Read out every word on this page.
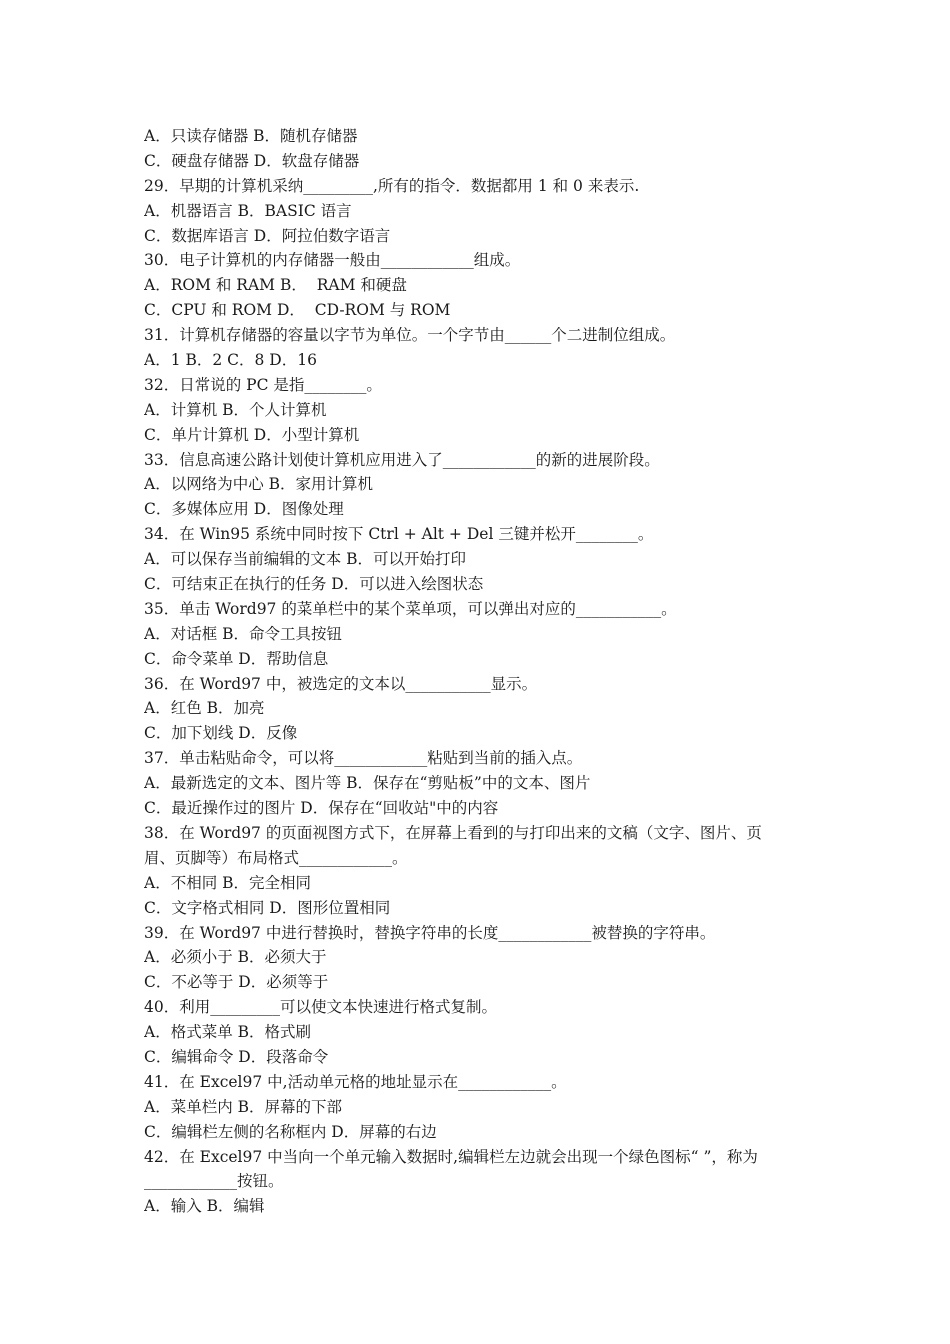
A．只读存储器 B．随机存储器
C．硬盘存储器 D．软盘存储器
29．早期的计算机采纳_________,所有的指令．数据都用 1 和 0 来表示.
A．机器语言 B．BASIC 语言
C．数据库语言 D．阿拉伯数字语言
30．电子计算机的内存储器一般由____________组成。
A．ROM 和 RAM B．  RAM 和硬盘
C．CPU 和 ROM D．  CD-ROM 与 ROM
31．计算机存储器的容量以字节为单位。一个字节由______个二进制位组成。
A．1 B．2 C．8 D．16
32．日常说的 PC 是指________。
A．计算机 B．个人计算机
C．单片计算机 D．小型计算机
33．信息高速公路计划使计算机应用进入了____________的新的进展阶段。
A．以网络为中心 B．家用计算机
C．多媒体应用 D．图像处理
34．在 Win95 系统中同时按下 Ctrl + Alt + Del 三键并松开________。
A．可以保存当前编辑的文本 B．可以开始打印
C．可结束正在执行的任务 D．可以进入绘图状态
35．单击 Word97 的菜单栏中的某个菜单项，可以弹出对应的___________。
A．对话框 B．命令工具按钮
C．命令菜单 D．帮助信息
36．在 Word97 中，被选定的文本以___________显示。
A．红色 B．加亮
C．加下划线 D．反像
37．单击粘贴命令，可以将____________粘贴到当前的插入点。
A．最新选定的文本、图片等 B．保存在“剪贴板”中的文本、图片
C．最近操作过的图片 D．保存在“回收站"中的内容
38．在 Word97 的页面视图方式下，在屏幕上看到的与打印出来的文稿（文字、图片、页
眉、页脚等）布局格式____________。
A．不相同 B．完全相同
C．文字格式相同 D．图形位置相同
39．在 Word97 中进行替换时，替换字符串的长度____________被替换的字符串。
A．必须小于 B．必须大于
C．不必等于 D．必须等于
40．利用_________可以使文本快速进行格式复制。
A．格式菜单 B．格式刷
C．编辑命令 D．段落命令
41．在 Excel97 中,活动单元格的地址显示在____________。
A．菜单栏内 B．屏幕的下部
C．编辑栏左侧的名称框内 D．屏幕的右边
42．在 Excel97 中当向一个单元输入数据时,编辑栏左边就会出现一个绿色图标“ ”，称为
____________按钮。
A．输入 B．编辑
